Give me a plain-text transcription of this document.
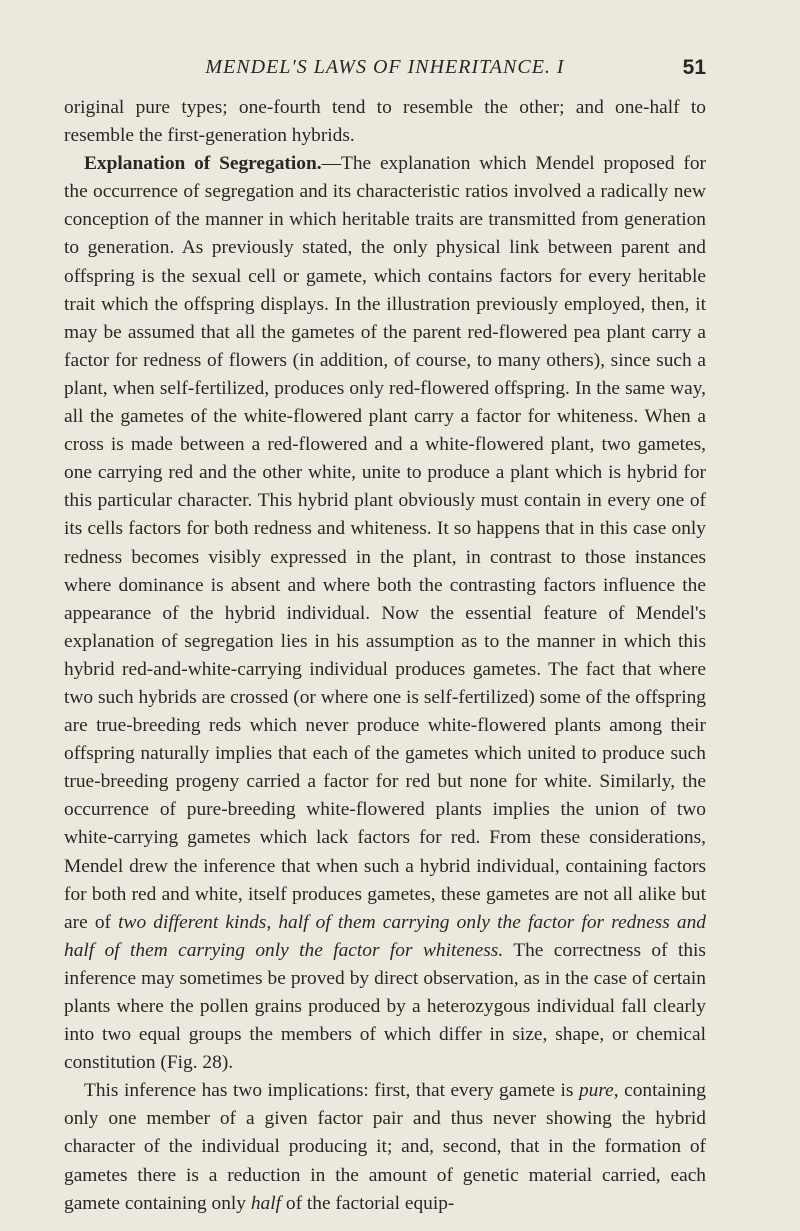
MENDEL'S LAWS OF INHERITANCE. I	51

original pure types; one-fourth tend to resemble the other; and one-half to resemble the first-generation hybrids.

Explanation of Segregation.—The explanation which Mendel proposed for the occurrence of segregation and its characteristic ratios involved a radically new conception of the manner in which heritable traits are transmitted from generation to generation. As previously stated, the only physical link between parent and offspring is the sexual cell or gamete, which contains factors for every heritable trait which the offspring displays. In the illustration previously employed, then, it may be assumed that all the gametes of the parent red-flowered pea plant carry a factor for redness of flowers (in addition, of course, to many others), since such a plant, when self-fertilized, produces only red-flowered offspring. In the same way, all the gametes of the white-flowered plant carry a factor for whiteness. When a cross is made between a red-flowered and a white-flowered plant, two gametes, one carrying red and the other white, unite to produce a plant which is hybrid for this particular character. This hybrid plant obviously must contain in every one of its cells factors for both redness and whiteness. It so happens that in this case only redness becomes visibly expressed in the plant, in contrast to those instances where dominance is absent and where both the contrasting factors influence the appearance of the hybrid individual. Now the essential feature of Mendel's explanation of segregation lies in his assumption as to the manner in which this hybrid red-and-white-carrying individual produces gametes. The fact that where two such hybrids are crossed (or where one is self-fertilized) some of the offspring are true-breeding reds which never produce white-flowered plants among their offspring naturally implies that each of the gametes which united to produce such true-breeding progeny carried a factor for red but none for white. Similarly, the occurrence of pure-breeding white-flowered plants implies the union of two white-carrying gametes which lack factors for red. From these considerations, Mendel drew the inference that when such a hybrid individual, containing factors for both red and white, itself produces gametes, these gametes are not all alike but are of two different kinds, half of them carrying only the factor for redness and half of them carrying only the factor for whiteness. The correctness of this inference may sometimes be proved by direct observation, as in the case of certain plants where the pollen grains produced by a heterozygous individual fall clearly into two equal groups the members of which differ in size, shape, or chemical constitution (Fig. 28).

This inference has two implications: first, that every gamete is pure, containing only one member of a given factor pair and thus never showing the hybrid character of the individual producing it; and, second, that in the formation of gametes there is a reduction in the amount of genetic material carried, each gamete containing only half of the factorial equip-
